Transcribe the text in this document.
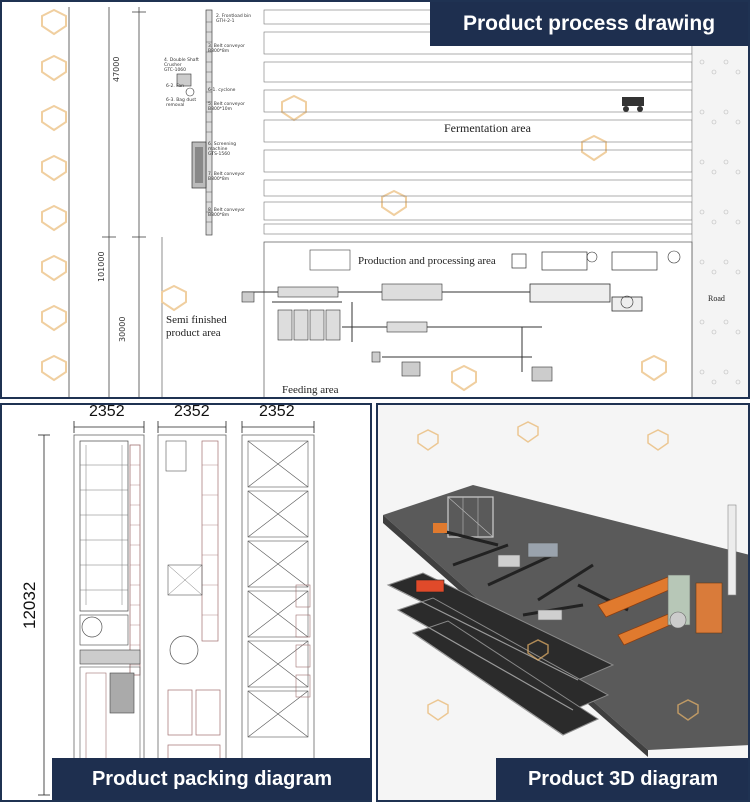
2. Frontload bin
GTH-2-1
3. Belt conveyor
B800*8m
4. Double Shaft
Crusher
GTC-1060
6-1. cyclone
6-2. Fan
6-3. Bag dust
removal	5. Belt conveyor
B800*10m
6. Screening
machine
GTS-1560
7. Belt conveyor
B800*8m
8. Belt conveyor
B800*8m
47000
101000
30000
Fermentation area
Production and processing area
Semi finished
product area
Feeding area
Road
Product process drawing
2352	2352	2352
12032
Product packing diagram	Product 3D diagram
